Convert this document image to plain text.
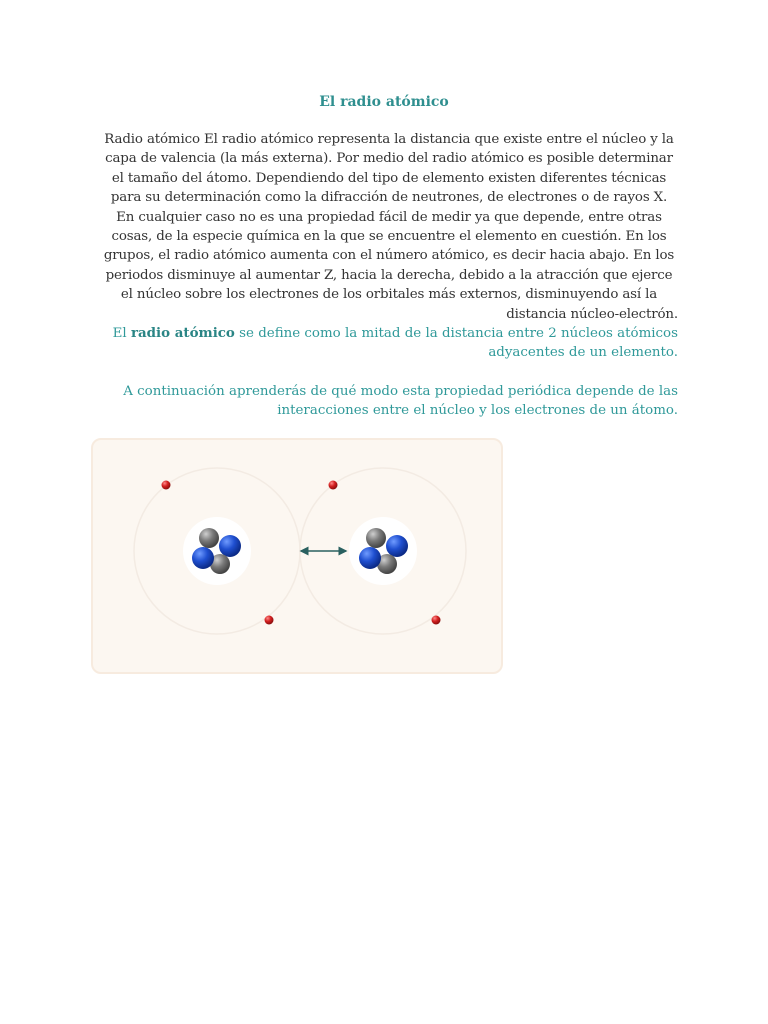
El radio atómico

Radio atómico El radio atómico representa la distancia que existe entre el núcleo y la capa de valencia (la más externa). Por medio del radio atómico es posible determinar el tamaño del átomo. Dependiendo del tipo de elemento existen diferentes técnicas para su determinación como la difracción de neutrones, de electrones o de rayos X. En cualquier caso no es una propiedad fácil de medir ya que depende, entre otras cosas, de la especie química en la que se encuentre el elemento en cuestión. En los grupos, el radio atómico aumenta con el número atómico, es decir hacia abajo. En los periodos disminuye al aumentar Z, hacia la derecha, debido a la atracción que ejerce el núcleo sobre los electrones de los orbitales más externos, disminuyendo así la distancia núcleo-electrón.

El radio atómico se define como la mitad de la distancia entre 2 núcleos atómicos adyacentes de un elemento.

A continuación aprenderás de qué modo esta propiedad periódica depende de las interacciones entre el núcleo y los electrones de un átomo.
